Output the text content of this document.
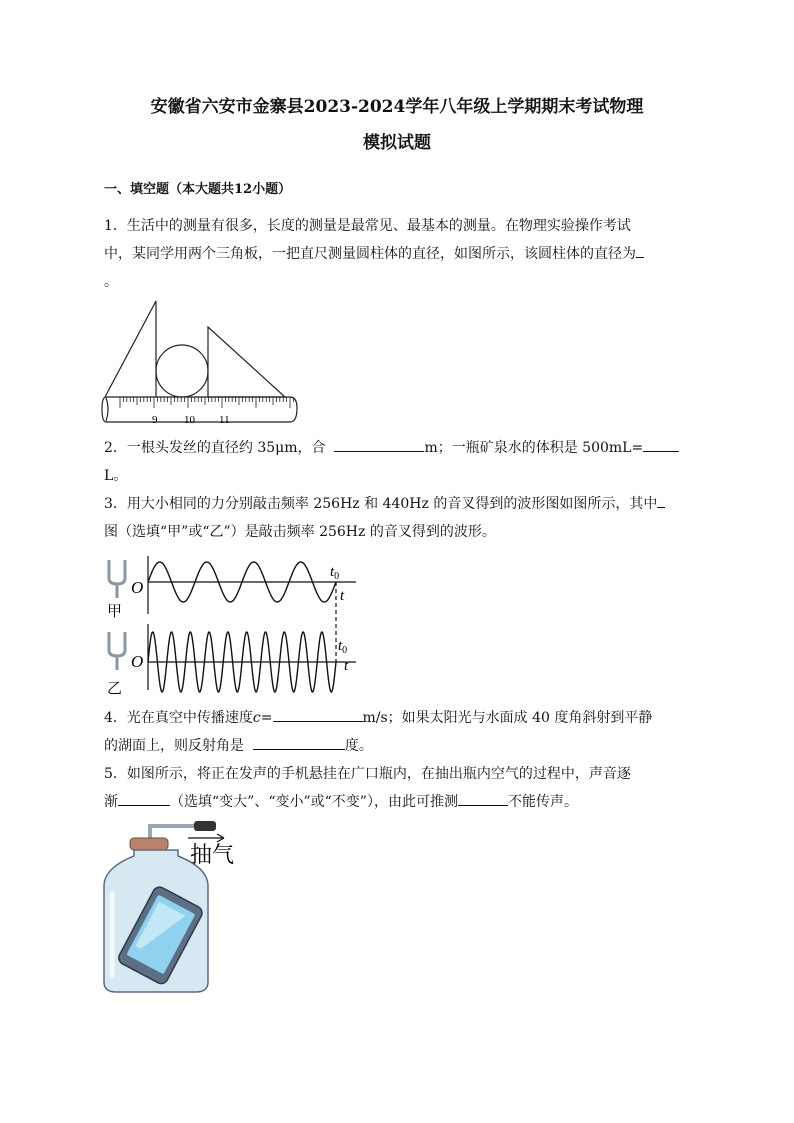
安徽省六安市金寨县2023-2024学年八年级上学期期末考试物理
模拟试题
一、填空题（本大题共12小题）
1．生活中的测量有很多，长度的测量是最常见、最基本的测量。在物理实验操作考试
中，某同学用两个三角板，一把直尺测量圆柱体的直径，如图所示，该圆柱体的直径为
。
9 10 11
2．一根头发丝的直径约 35μm，合	m；一瓶矿泉水的体积是 500mL=
L。
3．用大小相同的力分别敲击频率 256Hz 和 440Hz 的音叉得到的波形图如图所示，其中
图（选填“甲”或“乙”）是敲击频率 256Hz 的音叉得到的波形。
甲
乙
O
O
$t_0$
t
$t_0$
t
4．光在真空中传播速度c=	m/s；如果太阳光与水面成 40 度角斜射到平静
的湖面上，则反射角是	度。
5．如图所示，将正在发声的手机悬挂在广口瓶内，在抽出瓶内空气的过程中，声音逐
渐	（选填“变大”、“变小”或“不变”），由此可推测	不能传声。
抽气
